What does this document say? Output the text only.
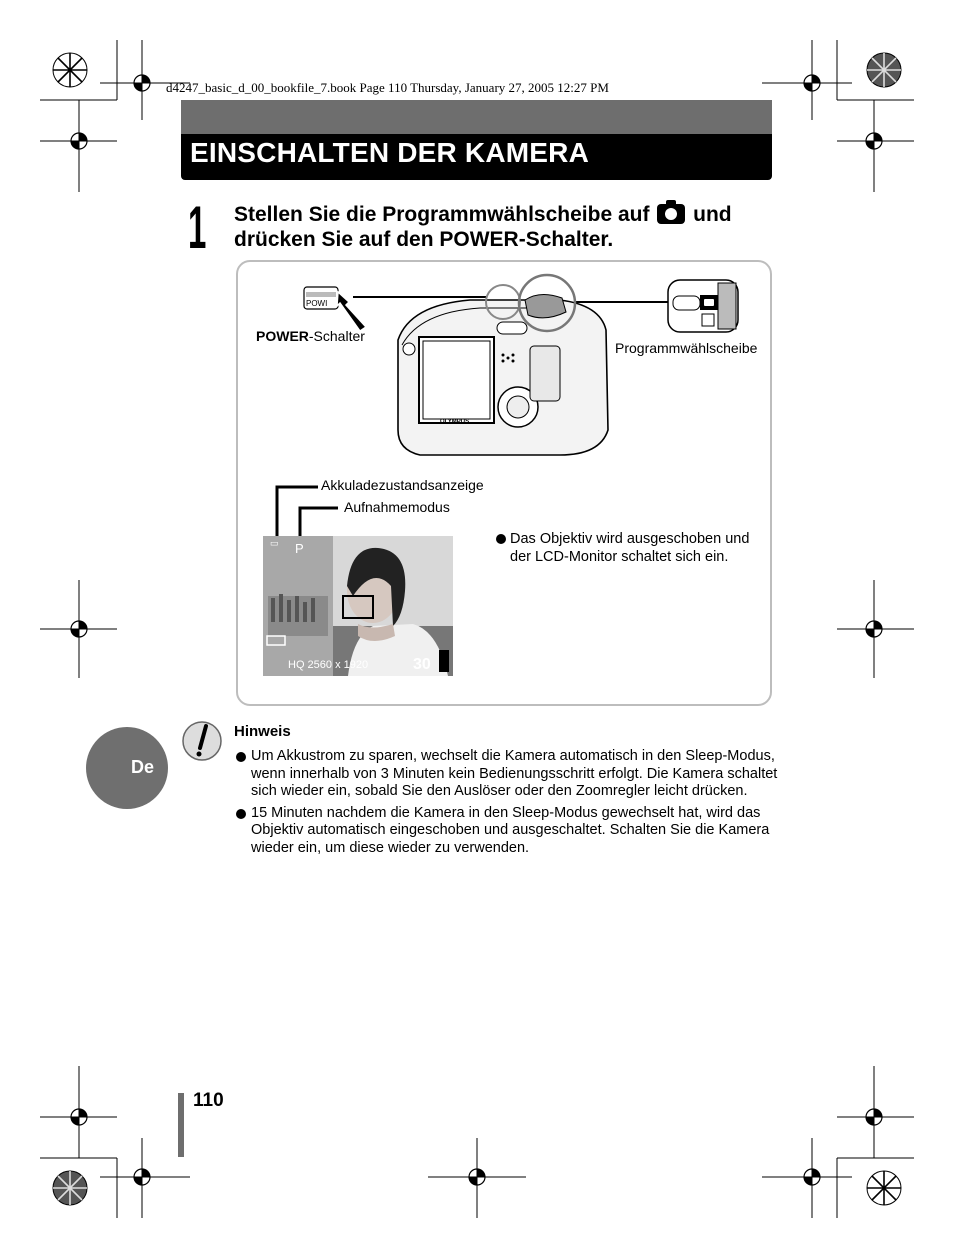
d4247_basic_d_00_bookfile_7.book Page 110 Thursday, January 27, 2005 12:27 PM
EINSCHALTEN DER KAMERA
1 Stellen Sie die Programmwählscheibe auf und
drücken Sie auf den POWER-Schalter.
OLYMPUS
POWI
POWER-Schalter
Programmwählscheibe
Akkuladezustandsanzeige
Aufnahmemodus
▭ P
HQ 2560 x 1920	30
Das Objektiv wird ausgeschoben und der LCD-Monitor schaltet sich ein.
De
Hinweis
Um Akkustrom zu sparen, wechselt die Kamera automatisch in den Sleep-Modus, wenn innerhalb von 3 Minuten kein Bedienungsschritt erfolgt. Die Kamera schaltet sich wieder ein, sobald Sie den Auslöser oder den Zoomregler leicht drücken.
15 Minuten nachdem die Kamera in den Sleep-Modus gewechselt hat, wird das Objektiv automatisch eingeschoben und ausgeschaltet. Schalten Sie die Kamera wieder ein, um diese wieder zu verwenden.
110
